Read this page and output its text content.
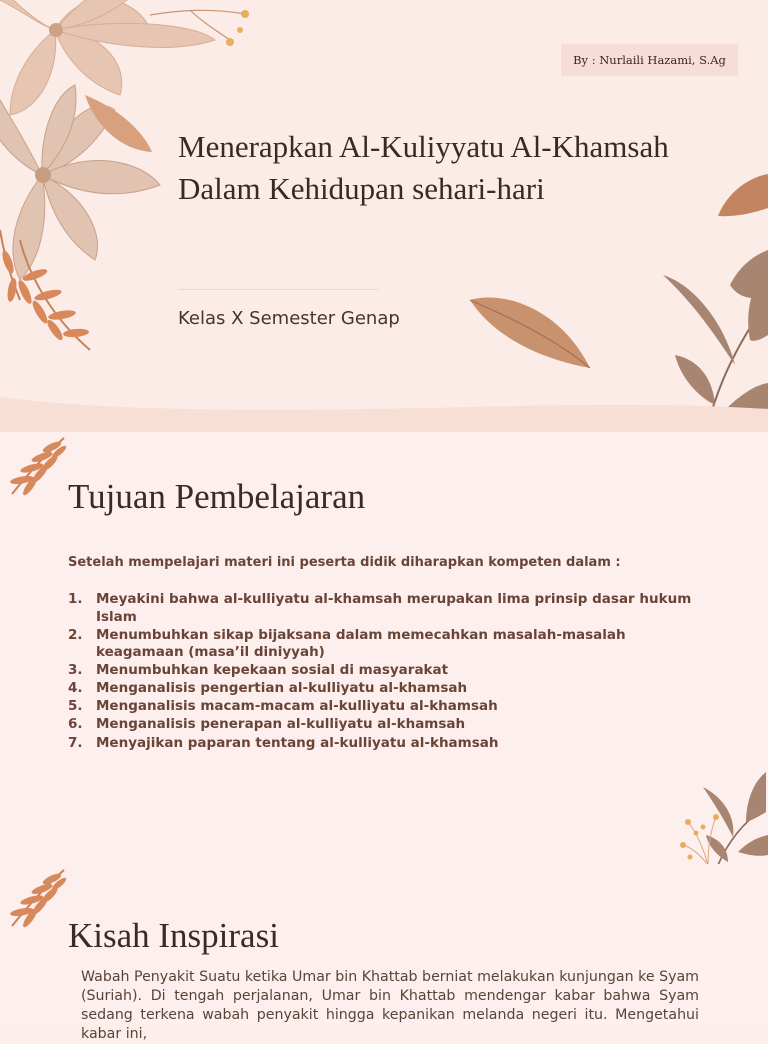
By : Nurlaili Hazami, S.Ag
Menerapkan Al-Kuliyyatu Al-Khamsah Dalam Kehidupan sehari-hari

Kelas X Semester Genap

Tujuan Pembelajaran

Setelah mempelajari materi ini peserta didik diharapkan kompeten dalam :

1. Meyakini bahwa al-kulliyatu al-khamsah merupakan lima prinsip dasar hukum Islam
2. Menumbuhkan sikap bijaksana dalam memecahkan masalah-masalah keagamaan (masa’il diniyyah)
3. Menumbuhkan kepekaan sosial di masyarakat
4. Menganalisis pengertian al-kulliyatu al-khamsah
5. Menganalisis macam-macam al-kulliyatu al-khamsah
6. Menganalisis penerapan al-kulliyatu al-khamsah
7. Menyajikan paparan tentang al-kulliyatu al-khamsah
Kisah Inspirasi

Wabah Penyakit Suatu ketika Umar bin Khattab berniat melakukan kunjungan ke Syam (Suriah). Di tengah perjalanan, Umar bin Khattab mendengar kabar bahwa Syam sedang terkena wabah penyakit hingga kepanikan melanda negeri itu. Mengetahui kabar ini,
